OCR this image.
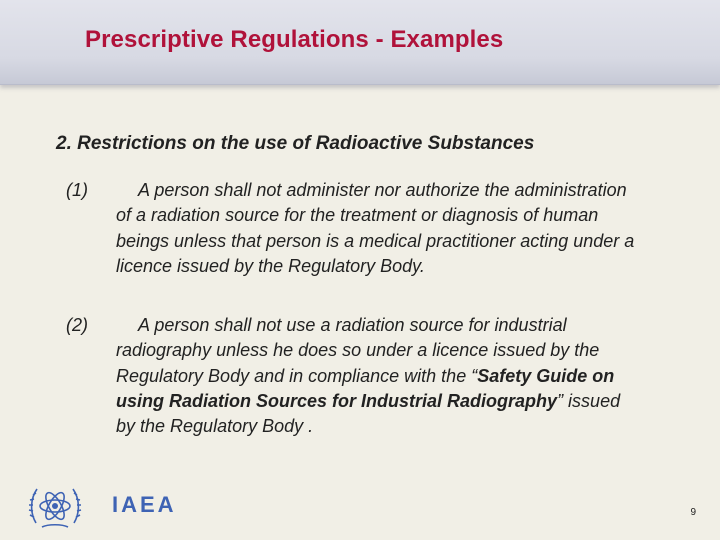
Prescriptive Regulations - Examples
2. Restrictions on the use of Radioactive Substances
(1)	A person shall not administer nor authorize the administration of a radiation source for the treatment or diagnosis of human beings unless that person is a medical practitioner acting under a licence issued by the Regulatory Body.
(2)	A person shall not use a radiation source for industrial radiography unless he does so under a licence issued by the Regulatory Body and in compliance with the “Safety Guide on using Radiation Sources for Industrial Radiography” issued by the Regulatory Body .
IAEA	9
